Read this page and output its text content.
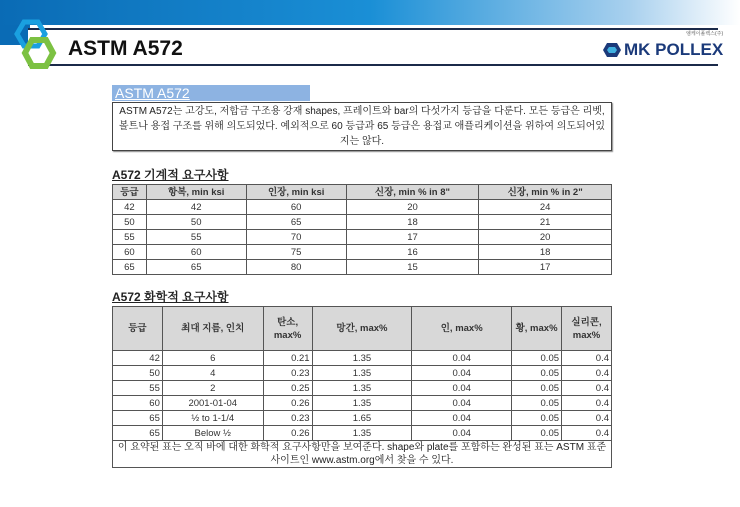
ASTM A572	MK POLLEX
엠케이폴렉스(주)
ASTM A572
ASTM A572는 고강도, 저합금 구조용 강재 shapes, 프레이트와 bar의 다섯가지 등급을 다룬다. 모든 등급은 리벳,볼트나 용접 구조를 위해 의도되었다. 예외적으로 60 등급과 65 등급은 용접교 애플리케이션을 위하여 의도되어있지는 않다.
A572 기계적 요구사항
등급	항복, min ksi	인장, min ksi	신장, min % in 8"	신장, min % in 2"
42	42	60	20	24
50	50	65	18	21
55	55	70	17	20
60	60	75	16	18
65	65	80	15	17
A572 화학적 요구사항
등급	최대 지름, 인치	탄소, max%	망간, max%	인, max%	황, max%	실리콘, max%
42	6	0.21	1.35	0.04	0.05	0.4
50	4	0.23	1.35	0.04	0.05	0.4
55	2	0.25	1.35	0.04	0.05	0.4
60	2001-01-04	0.26	1.35	0.04	0.05	0.4
65	½ to 1-1/4	0.23	1.65	0.04	0.05	0.4
65	Below ½	0.26	1.35	0.04	0.05	0.4
이 요약된 표는 오직 바에 대한 화학적 요구사항만을 보여준다. shape와 plate를 포함하는 완성된 표는 ASTM 표준 사이트인 www.astm.org에서 찾을 수 있다.						
